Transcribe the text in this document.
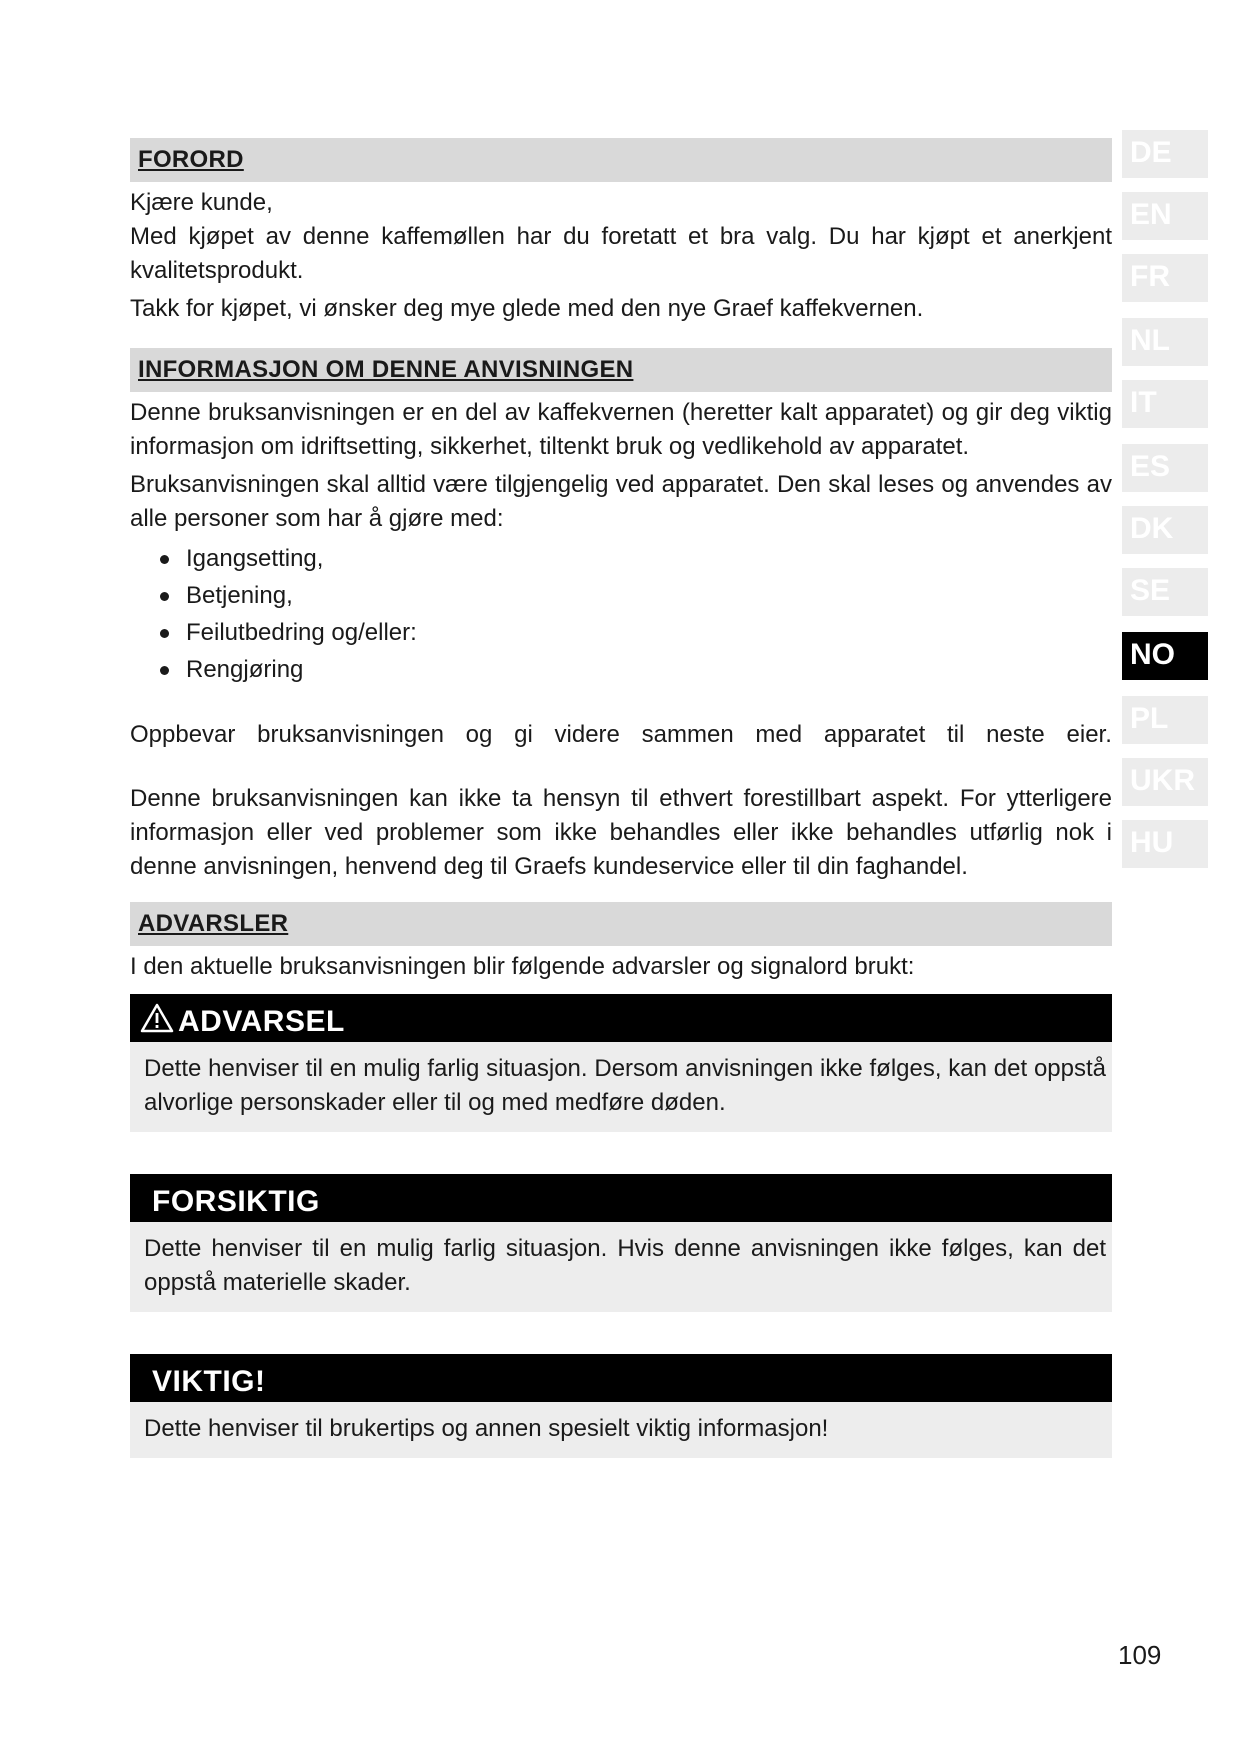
FORORD

Kjære kunde,

Med kjøpet av denne kaffemøllen har du foretatt et bra valg. Du har kjøpt et anerkjent kvalitetsprodukt.

Takk for kjøpet, vi ønsker deg mye glede med den nye Graef kaffekvernen.

INFORMASJON OM DENNE ANVISNINGEN

Denne bruksanvisningen er en del av kaffekvernen (heretter kalt apparatet) og gir deg viktig informasjon om idriftsetting, sikkerhet, tiltenkt bruk og vedlikehold av apparatet.

Bruksanvisningen skal alltid være tilgjengelig ved apparatet. Den skal leses og anvendes av alle personer som har å gjøre med:

Igangsetting,
Betjening,
Feilutbedring og/eller:
Rengjøring
Oppbevar bruksanvisningen og gi videre sammen med apparatet til neste eier.

Denne bruksanvisningen kan ikke ta hensyn til ethvert forestillbart aspekt. For ytterligere informasjon eller ved problemer som ikke behandles eller ikke behandles utførlig nok i denne anvisningen, henvend deg til Graefs kundeservice eller til din faghandel.

ADVARSLER

I den aktuelle bruksanvisningen blir følgende advarsler og signalord brukt:

ADVARSEL
Dette henviser til en mulig farlig situasjon. Dersom anvisningen ikke følges, kan det oppstå alvorlige personskader eller til og med medføre døden.
FORSIKTIG
Dette henviser til en mulig farlig situasjon. Hvis denne anvisningen ikke følges, kan det oppstå materielle skader.
VIKTIG!
Dette henviser til brukertips og annen spesielt viktig informasjon!
DE
EN
FR
NL
IT
ES
DK
SE
NO
PL
UKR
HU
109
